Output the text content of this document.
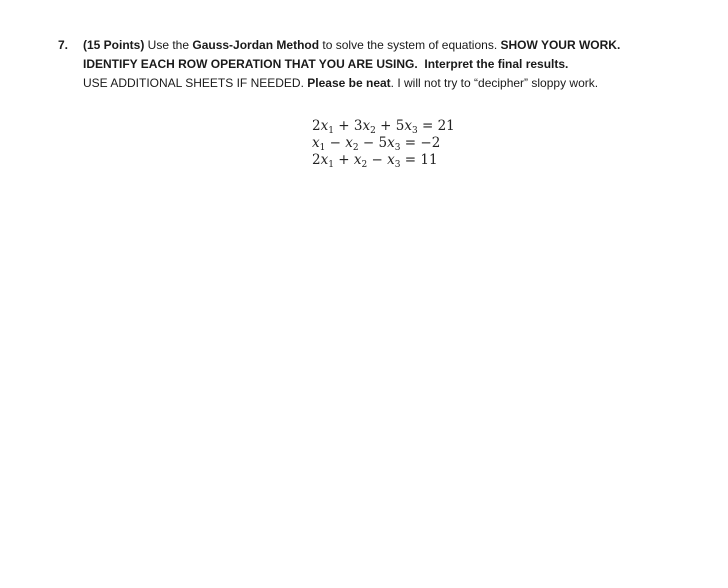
7. (15 Points) Use the Gauss-Jordan Method to solve the system of equations. SHOW YOUR WORK.
IDENTIFY EACH ROW OPERATION THAT YOU ARE USING. Interpret the final results.
USE ADDITIONAL SHEETS IF NEEDED. Please be neat. I will not try to “decipher” sloppy work.
$2x_1 + 3x_2 + 5x_3 = 21$
$x_1 - x_2 - 5x_3 = -2$
$2x_1 + x_2 - x_3 = 11$
